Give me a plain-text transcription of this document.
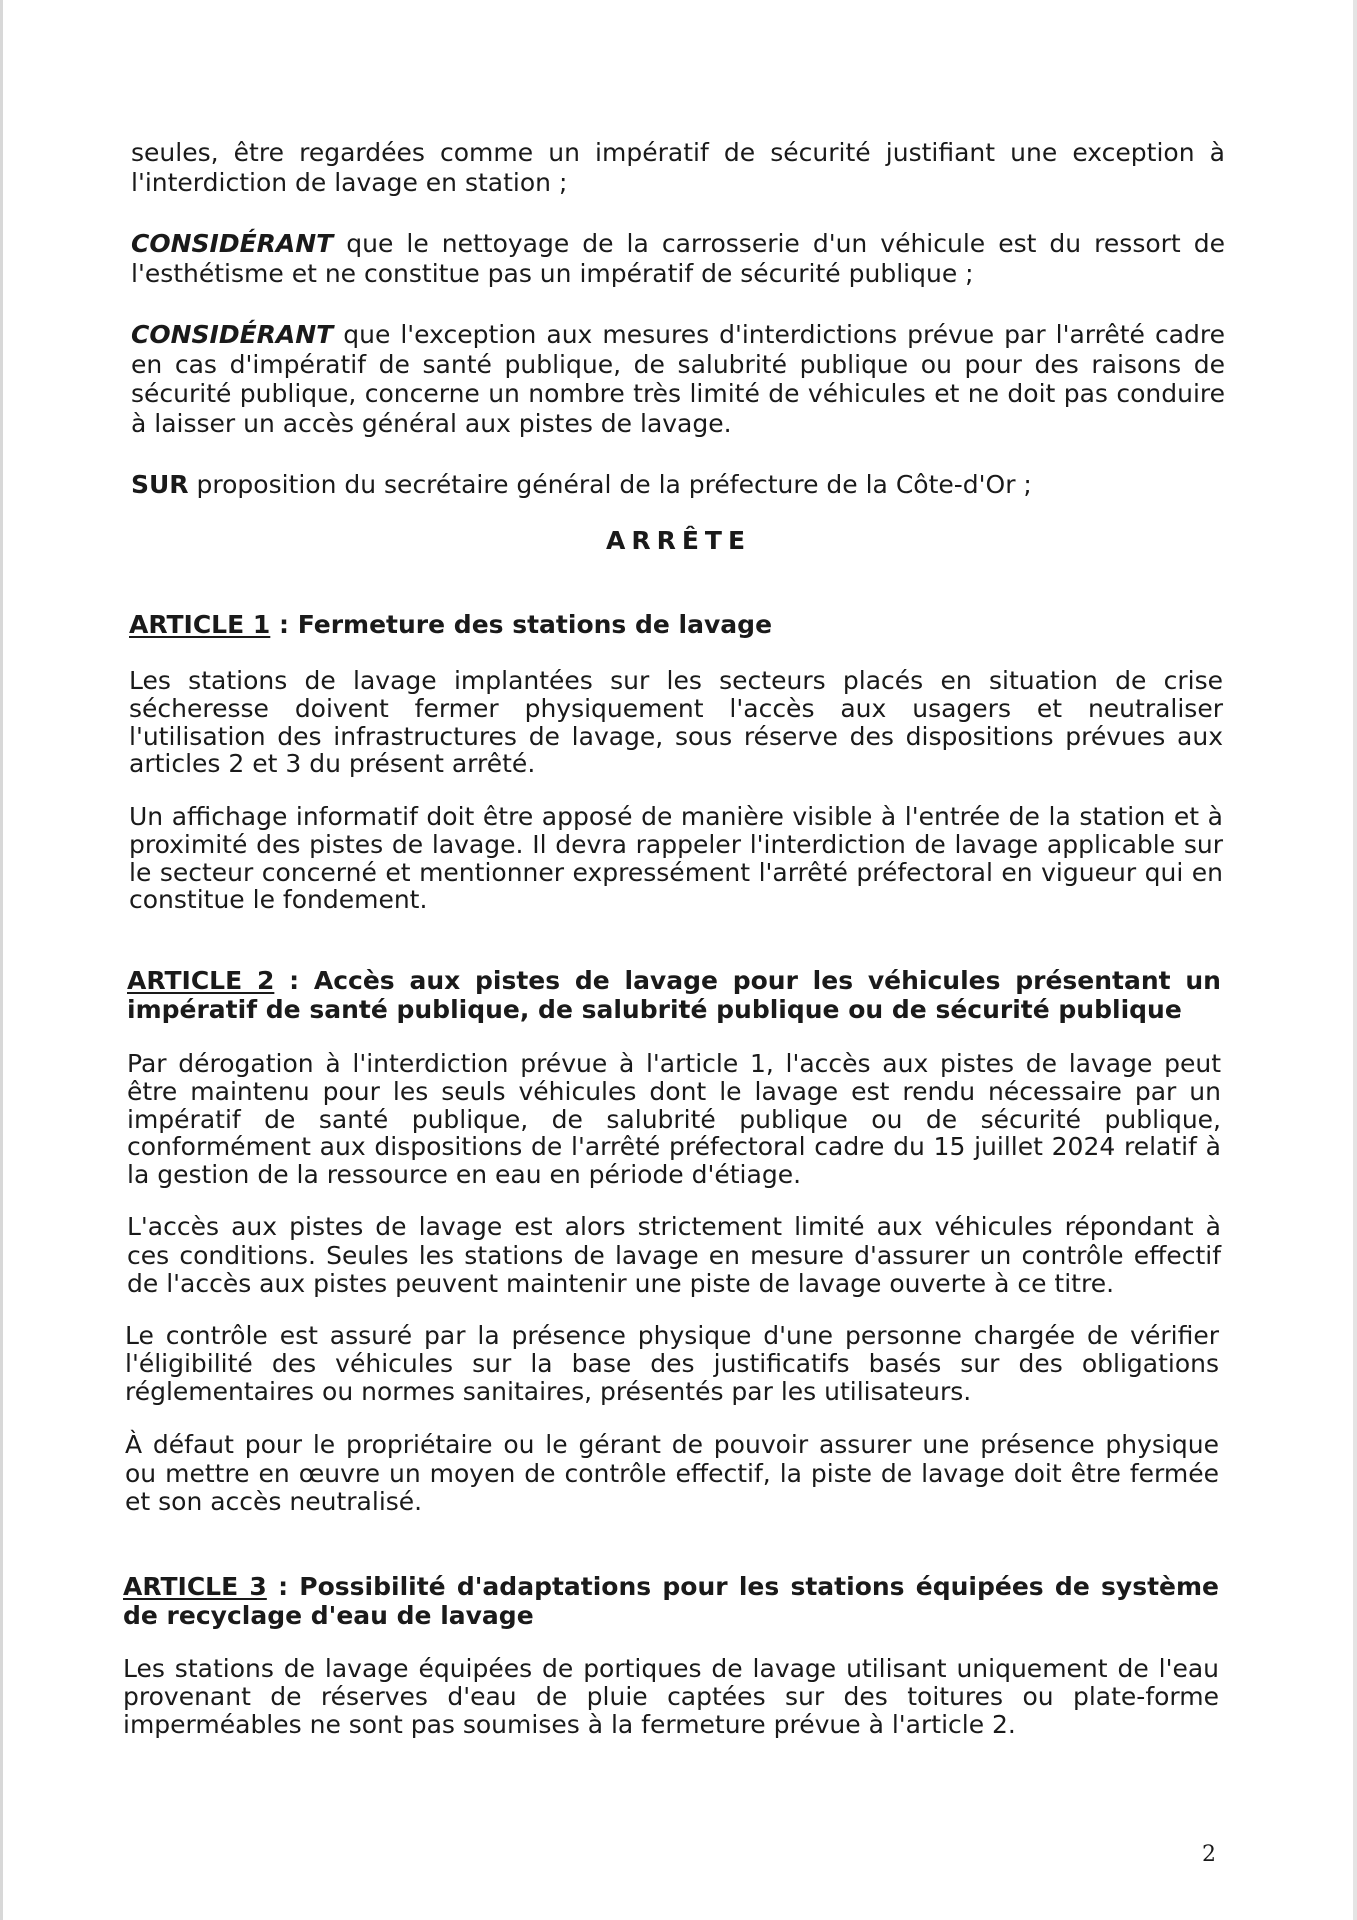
seules, être regardées comme un impératif de sécurité justifiant une exception à l'interdiction de lavage en station ;

CONSIDÉRANT que le nettoyage de la carrosserie d'un véhicule est du ressort de l'esthétisme et ne constitue pas un impératif de sécurité publique ;

CONSIDÉRANT que l'exception aux mesures d'interdictions prévue par l'arrêté cadre en cas d'impératif de santé publique, de salubrité publique ou pour des raisons de sécurité publique, concerne un nombre très limité de véhicules et ne doit pas conduire à laisser un accès général aux pistes de lavage.

SUR proposition du secrétaire général de la préfecture de la Côte-d'Or ;

ARRÊTE

ARTICLE 1 : Fermeture des stations de lavage

Les stations de lavage implantées sur les secteurs placés en situation de crise sécheresse doivent fermer physiquement l'accès aux usagers et neutraliser l'utilisation des infrastructures de lavage, sous réserve des dispositions prévues aux articles 2 et 3 du présent arrêté.

Un affichage informatif doit être apposé de manière visible à l'entrée de la station et à proximité des pistes de lavage. Il devra rappeler l'interdiction de lavage applicable sur le secteur concerné et mentionner expressément l'arrêté préfectoral en vigueur qui en constitue le fondement.

ARTICLE 2 : Accès aux pistes de lavage pour les véhicules présentant un impératif de santé publique, de salubrité publique ou de sécurité publique

Par dérogation à l'interdiction prévue à l'article 1, l'accès aux pistes de lavage peut être maintenu pour les seuls véhicules dont le lavage est rendu nécessaire par un impératif de santé publique, de salubrité publique ou de sécurité publique, conformément aux dispositions de l'arrêté préfectoral cadre du 15 juillet 2024 relatif à la gestion de la ressource en eau en période d'étiage.

L'accès aux pistes de lavage est alors strictement limité aux véhicules répondant à ces conditions. Seules les stations de lavage en mesure d'assurer un contrôle effectif de l'accès aux pistes peuvent maintenir une piste de lavage ouverte à ce titre.

Le contrôle est assuré par la présence physique d'une personne chargée de vérifier l'éligibilité des véhicules sur la base des justificatifs basés sur des obligations réglementaires ou normes sanitaires, présentés par les utilisateurs.

À défaut pour le propriétaire ou le gérant de pouvoir assurer une présence physique ou mettre en œuvre un moyen de contrôle effectif, la piste de lavage doit être fermée et son accès neutralisé.

ARTICLE 3 : Possibilité d'adaptations pour les stations équipées de système de recyclage d'eau de lavage

Les stations de lavage équipées de portiques de lavage utilisant uniquement de l'eau provenant de réserves d'eau de pluie captées sur des toitures ou plate-forme imperméables ne sont pas soumises à la fermeture prévue à l'article 2.

2
